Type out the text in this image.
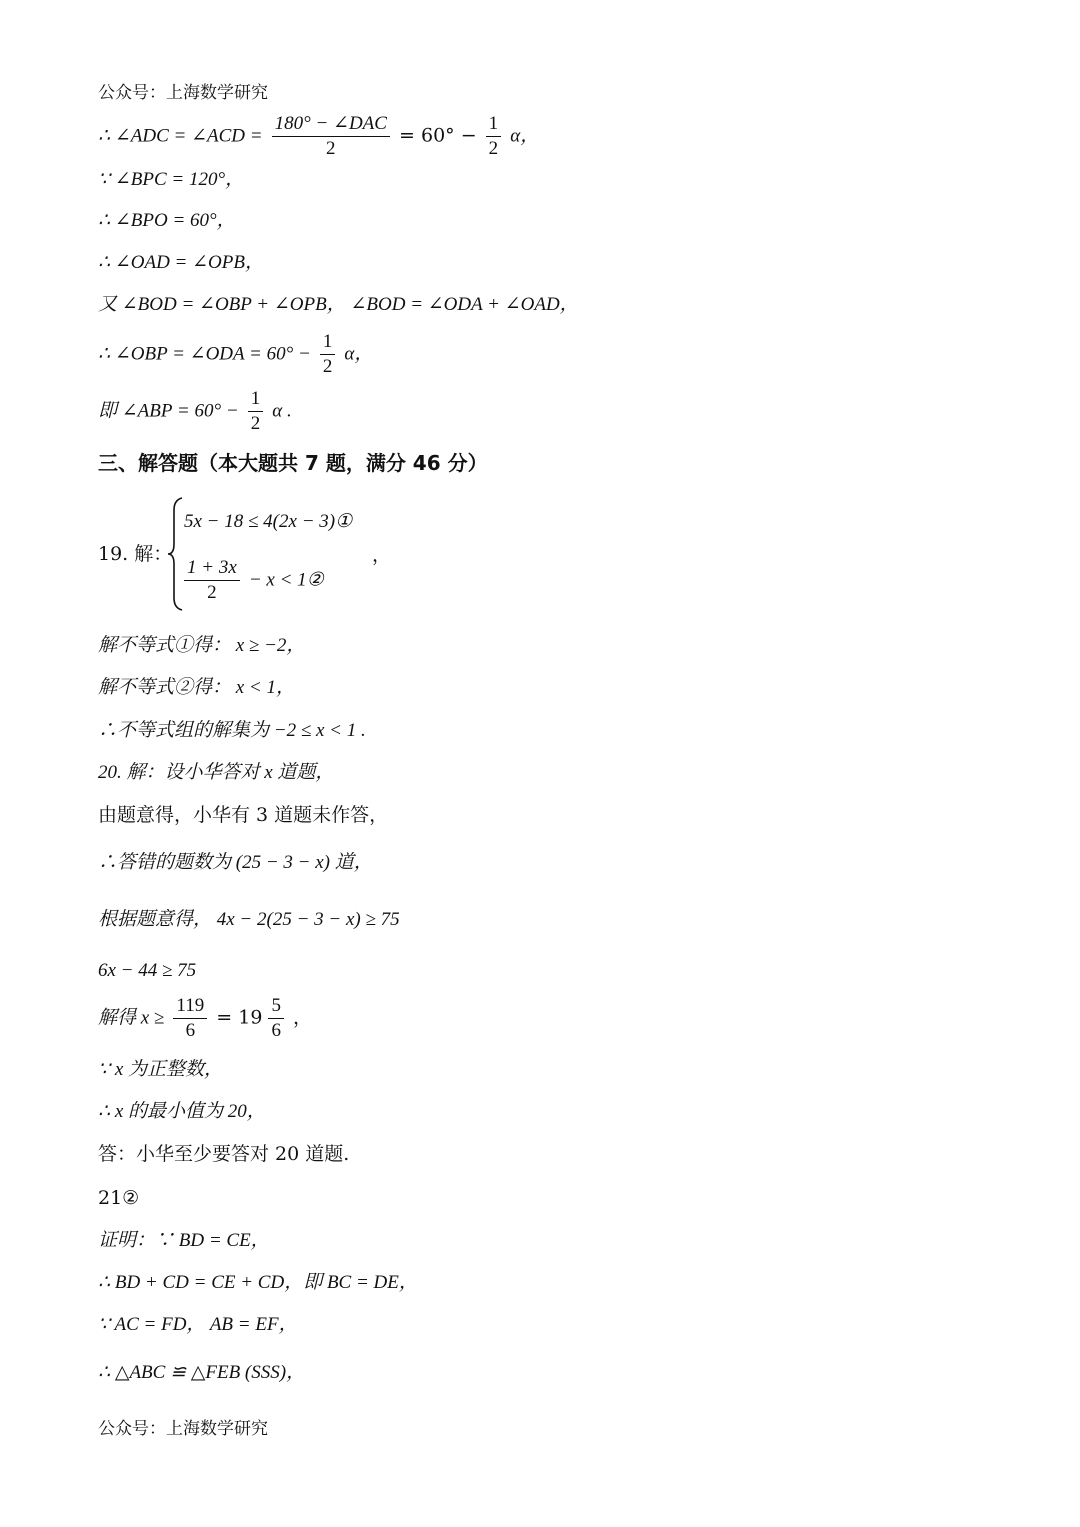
公众号：上海数学研究
∴ ∠ADC = ∠ACD = $\frac{\text{180° − ∠DAC}}{2} = 60^\circ - \frac{1}{2}$ α，
∵ ∠BPC = 120°，
∴ ∠BPO = 60°，
∴ ∠OAD = ∠OPB，
又 ∠BOD = ∠OBP + ∠OPB， ∠BOD = ∠ODA + ∠OAD，
∴ ∠OBP = ∠ODA = $60^\circ - \frac{1}{2}$ α，
即 ∠ABP = $60^\circ - \frac{1}{2}$ α .
三、解答题（本大题共 7 题，满分 46 分）
19. 解：
5x − 18 ≤ 4(2x − 3)①
$\frac{1 + 3x}{2} - x$ < 1②
，
解不等式①得： x ≥ −2，
解不等式②得： x < 1，
∴不等式组的解集为 −2 ≤ x < 1 .
20. 解：设小华答对 x 道题，
由题意得，小华有 3 道题未作答，
∴答错的题数为 (25 − 3 − x) 道，
根据题意得， 4x − 2(25 − 3 − x) ≥ 75
6x − 44 ≥ 75
解得 $x \ge \frac{119}{6} = 19 \frac{5}{6}$ ，
∵ x 为正整数，
∴ x 的最小值为 20，
答：小华至少要答对 20 道题.
21②
证明：∵ BD = CE，
∴ BD + CD = CE + CD，即 BC = DE，
∵ AC = FD， AB = EF，
∴ △ABC ≌ △FEB (SSS)，
公众号：上海数学研究
